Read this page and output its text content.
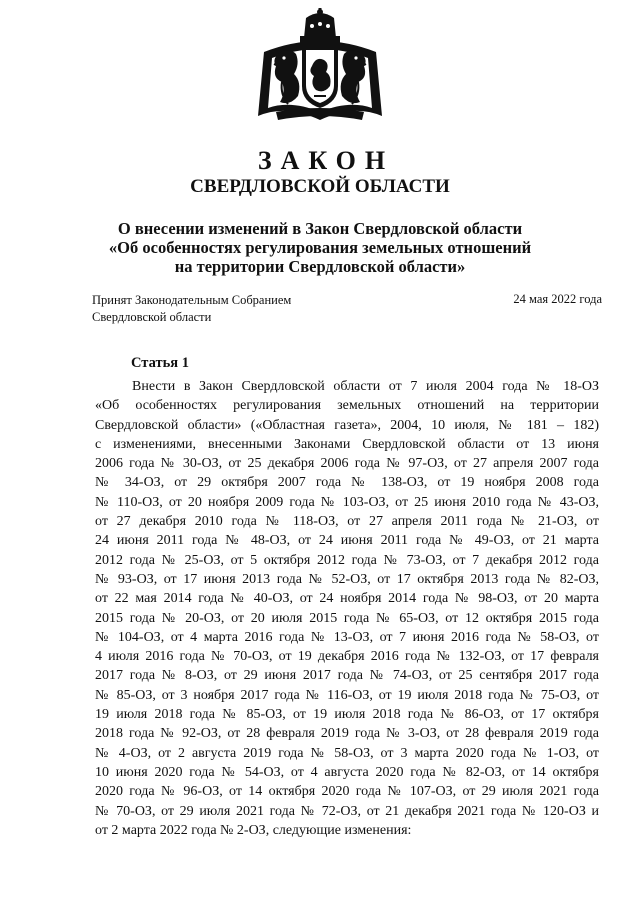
ЗАКОН
СВЕРДЛОВСКОЙ ОБЛАСТИ
О внесении изменений в Закон Свердловской области
«Об особенностях регулирования земельных отношений
на территории Свердловской области»
Принят Законодательным Собранием
Свердловской области
24 мая 2022 года
Статья 1
Внести в Закон Свердловской области от 7 июля 2004 года № 18-ОЗ
«Об особенностях регулирования земельных отношений на территории
Свердловской области» («Областная газета», 2004, 10 июля, № 181 – 182)
с изменениями, внесенными Законами Свердловской области от 13 июня
2006 года № 30-ОЗ, от 25 декабря 2006 года № 97-ОЗ, от 27 апреля 2007 года
№ 34-ОЗ, от 29 октября 2007 года № 138-ОЗ, от 19 ноября 2008 года
№ 110-ОЗ, от 20 ноября 2009 года № 103-ОЗ, от 25 июня 2010 года № 43-ОЗ,
от 27 декабря 2010 года № 118-ОЗ, от 27 апреля 2011 года № 21-ОЗ, от
24 июня 2011 года № 48-ОЗ, от 24 июня 2011 года № 49-ОЗ, от 21 марта
2012 года № 25-ОЗ, от 5 октября 2012 года № 73-ОЗ, от 7 декабря 2012 года
№ 93-ОЗ, от 17 июня 2013 года № 52-ОЗ, от 17 октября 2013 года № 82-ОЗ,
от 22 мая 2014 года № 40-ОЗ, от 24 ноября 2014 года № 98-ОЗ, от 20 марта
2015 года № 20-ОЗ, от 20 июля 2015 года № 65-ОЗ, от 12 октября 2015 года
№ 104-ОЗ, от 4 марта 2016 года № 13-ОЗ, от 7 июня 2016 года № 58-ОЗ, от
4 июля 2016 года № 70-ОЗ, от 19 декабря 2016 года № 132-ОЗ, от 17 февраля
2017 года № 8-ОЗ, от 29 июня 2017 года № 74-ОЗ, от 25 сентября 2017 года
№ 85-ОЗ, от 3 ноября 2017 года № 116-ОЗ, от 19 июля 2018 года № 75-ОЗ, от
19 июля 2018 года № 85-ОЗ, от 19 июля 2018 года № 86-ОЗ, от 17 октября
2018 года № 92-ОЗ, от 28 февраля 2019 года № 3-ОЗ, от 28 февраля 2019 года
№ 4-ОЗ, от 2 августа 2019 года № 58-ОЗ, от 3 марта 2020 года № 1-ОЗ, от
10 июня 2020 года № 54-ОЗ, от 4 августа 2020 года № 82-ОЗ, от 14 октября
2020 года № 96-ОЗ, от 14 октября 2020 года № 107-ОЗ, от 29 июля 2021 года
№ 70-ОЗ, от 29 июля 2021 года № 72-ОЗ, от 21 декабря 2021 года № 120-ОЗ и
от 2 марта 2022 года № 2-ОЗ, следующие изменения:
